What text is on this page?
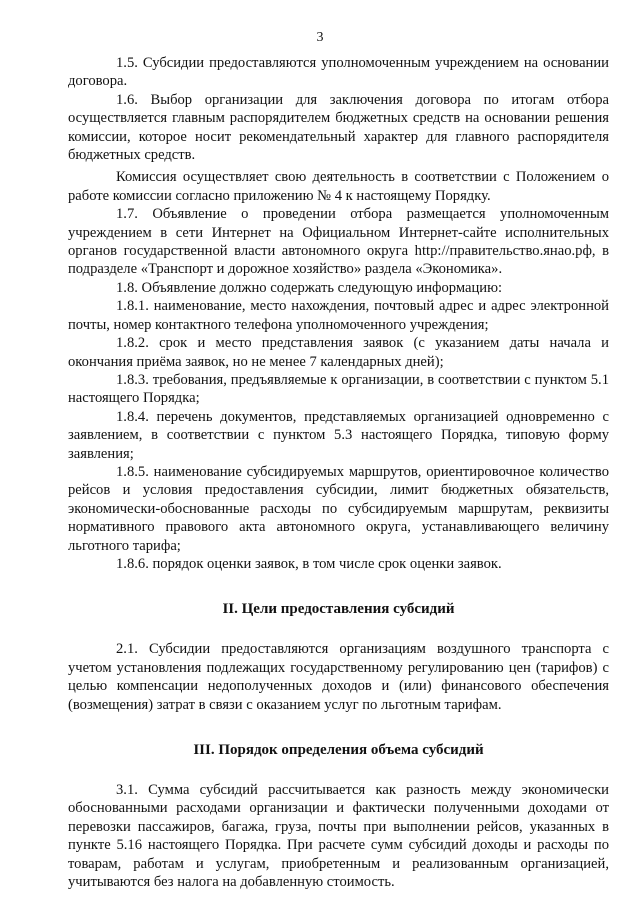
3

1.5. Субсидии предоставляются уполномоченным учреждением на основании договора.

1.6. Выбор организации для заключения договора по итогам отбора осуществляется главным распорядителем бюджетных средств на основании решения комиссии, которое носит рекомендательный характер для главного распорядителя бюджетных средств.

Комиссия осуществляет свою деятельность в соответствии с Положением о работе комиссии согласно приложению № 4 к настоящему Порядку.

1.7. Объявление о проведении отбора размещается уполномоченным учреждением в сети Интернет на Официальном Интернет-сайте исполнительных органов государственной власти автономного округа http://правительство.янао.рф, в подразделе «Транспорт и дорожное хозяйство» раздела «Экономика».

1.8. Объявление должно содержать следующую информацию:

1.8.1. наименование, место нахождения, почтовый адрес и адрес электронной почты, номер контактного телефона уполномоченного учреждения;

1.8.2. срок и место представления заявок (с указанием даты начала и окончания приёма заявок, но не менее 7 календарных дней);

1.8.3. требования, предъявляемые к организации, в соответствии с пунктом 5.1 настоящего Порядка;

1.8.4. перечень документов, представляемых организацией одновременно с заявлением, в соответствии с пунктом 5.3 настоящего Порядка, типовую форму заявления;

1.8.5. наименование субсидируемых маршрутов, ориентировочное количество рейсов и условия предоставления субсидии, лимит бюджетных обязательств, экономически-обоснованные расходы по субсидируемым маршрутам, реквизиты нормативного правового акта автономного округа, устанавливающего величину льготного тарифа;

1.8.6. порядок оценки заявок, в том числе срок оценки заявок.

II. Цели предоставления субсидий

2.1. Субсидии предоставляются организациям воздушного транспорта с учетом установления подлежащих государственному регулированию цен (тарифов) с целью компенсации недополученных доходов и (или) финансового обеспечения (возмещения) затрат в связи с оказанием услуг по льготным тарифам.

III. Порядок определения объема субсидий

3.1. Сумма субсидий рассчитывается как разность между экономически обоснованными расходами организации и фактически полученными доходами от перевозки пассажиров, багажа, груза, почты при выполнении рейсов, указанных в пункте 5.16 настоящего Порядка. При расчете сумм субсидий доходы и расходы по товарам, работам и услугам, приобретенным и реализованным организацией, учитываются без налога на добавленную стоимость.
